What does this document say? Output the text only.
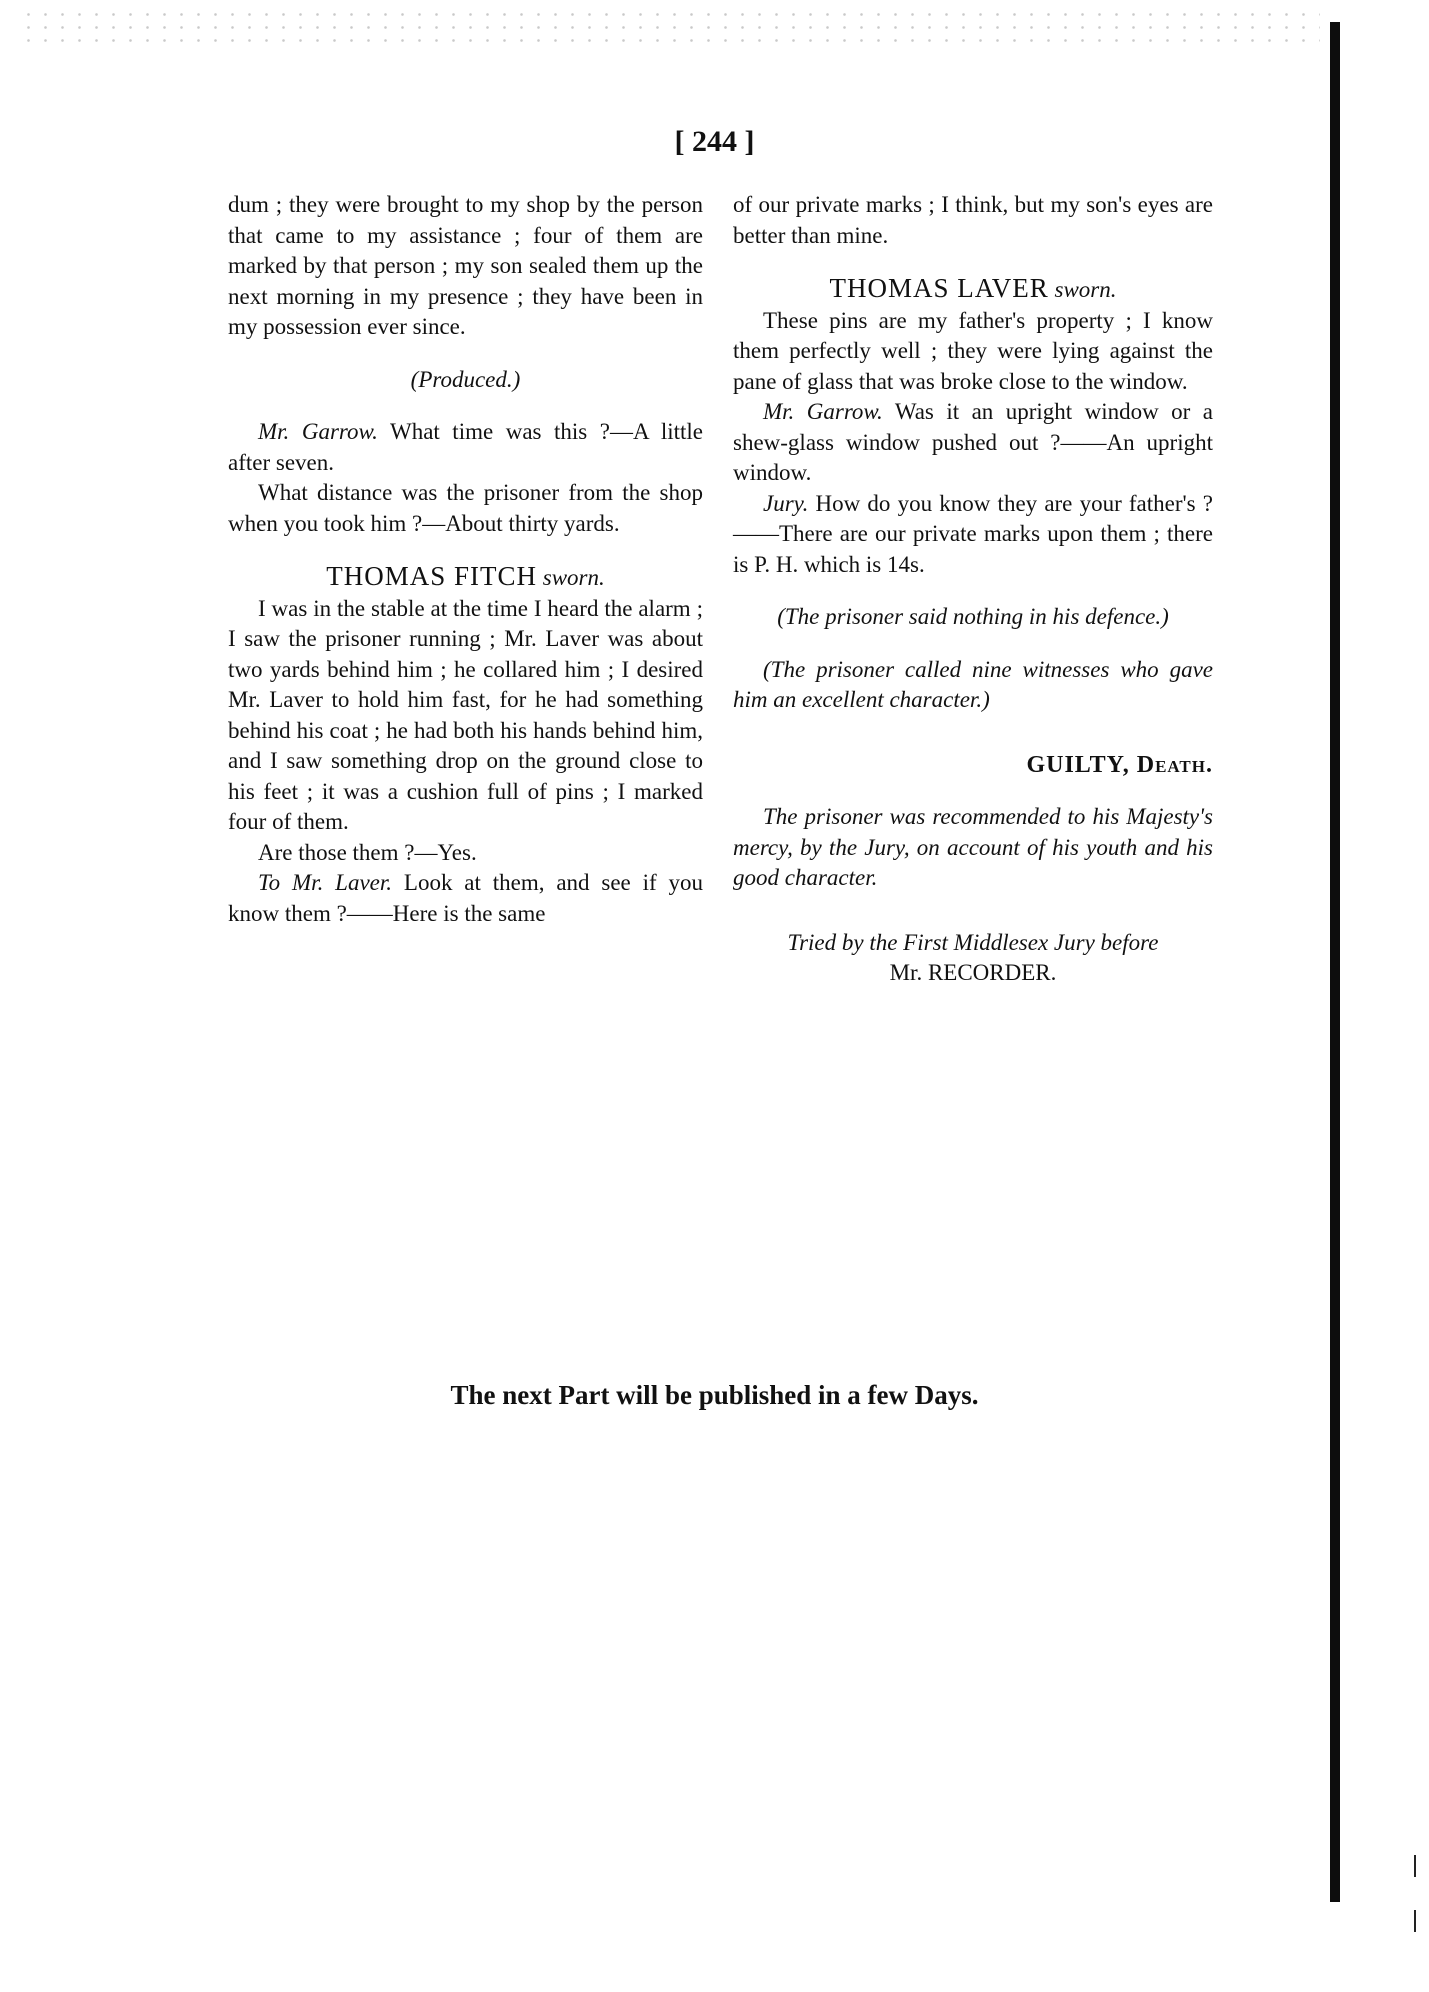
[ 244 ]

dum ; they were brought to my shop by the person that came to my assistance ; four of them are marked by that person ; my son sealed them up the next morning in my presence ; they have been in my possession ever since.

(Produced.)

Mr. Garrow. What time was this ?—A little after seven.

What distance was the prisoner from the shop when you took him ?—About thirty yards.

THOMAS FITCH sworn.

I was in the stable at the time I heard the alarm ; I saw the prisoner running ; Mr. Laver was about two yards behind him ; he collared him ; I desired Mr. Laver to hold him fast, for he had something behind his coat ; he had both his hands behind him, and I saw something drop on the ground close to his feet ; it was a cushion full of pins ; I marked four of them.

Are those them ?—Yes.

To Mr. Laver. Look at them, and see if you know them ?——Here is the same

of our private marks ; I think, but my son's eyes are better than mine.

THOMAS LAVER sworn.

These pins are my father's property ; I know them perfectly well ; they were lying against the pane of glass that was broke close to the window.

Mr. Garrow. Was it an upright window or a shew-glass window pushed out ?——An upright window.

Jury. How do you know they are your father's ?——There are our private marks upon them ; there is P. H. which is 14s.

(The prisoner said nothing in his defence.)

(The prisoner called nine witnesses who gave him an excellent character.)

GUILTY, Death.

The prisoner was recommended to his Majesty's mercy, by the Jury, on account of his youth and his good character.

Tried by the First Middlesex Jury before

Mr. RECORDER.

The next Part will be published in a few Days.
